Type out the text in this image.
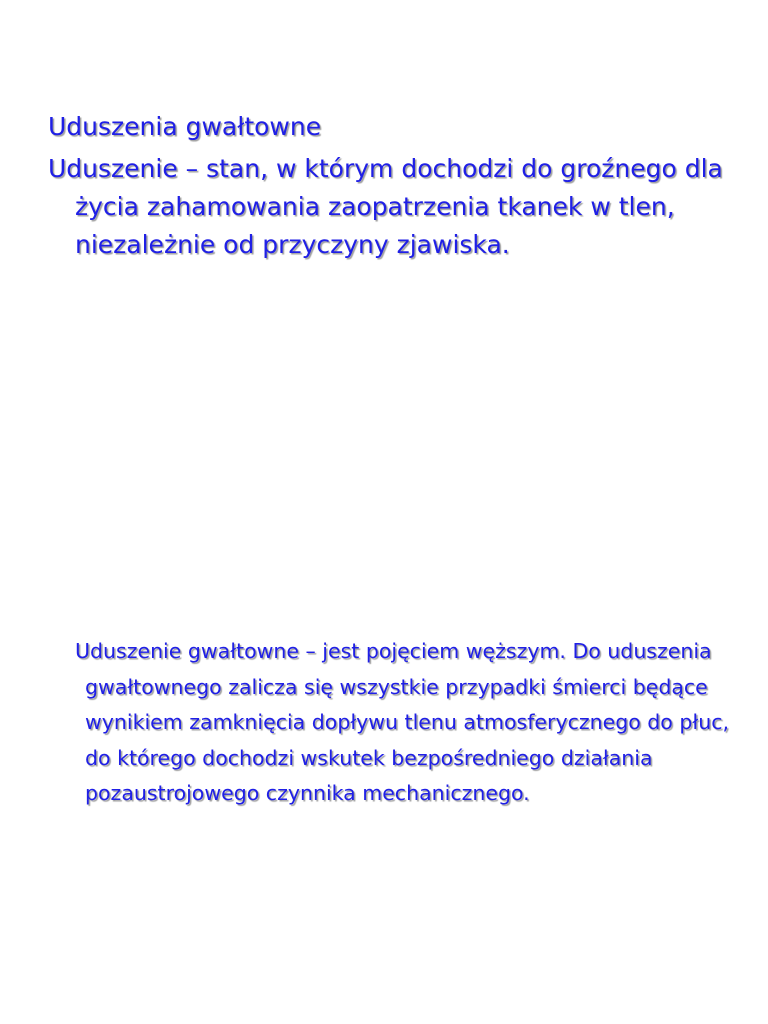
Uduszenia gwałtowne

Uduszenie – stan, w którym dochodzi do groźnego dla życia zahamowania zaopatrzenia tkanek w tlen, niezależnie od przyczyny zjawiska.

Uduszenie gwałtowne – jest pojęciem węższym. Do uduszenia gwałtownego zalicza się wszystkie przypadki śmierci będące wynikiem zamknięcia dopływu tlenu atmosferycznego do płuc, do którego dochodzi wskutek bezpośredniego działania pozaustrojowego czynnika mechanicznego.
